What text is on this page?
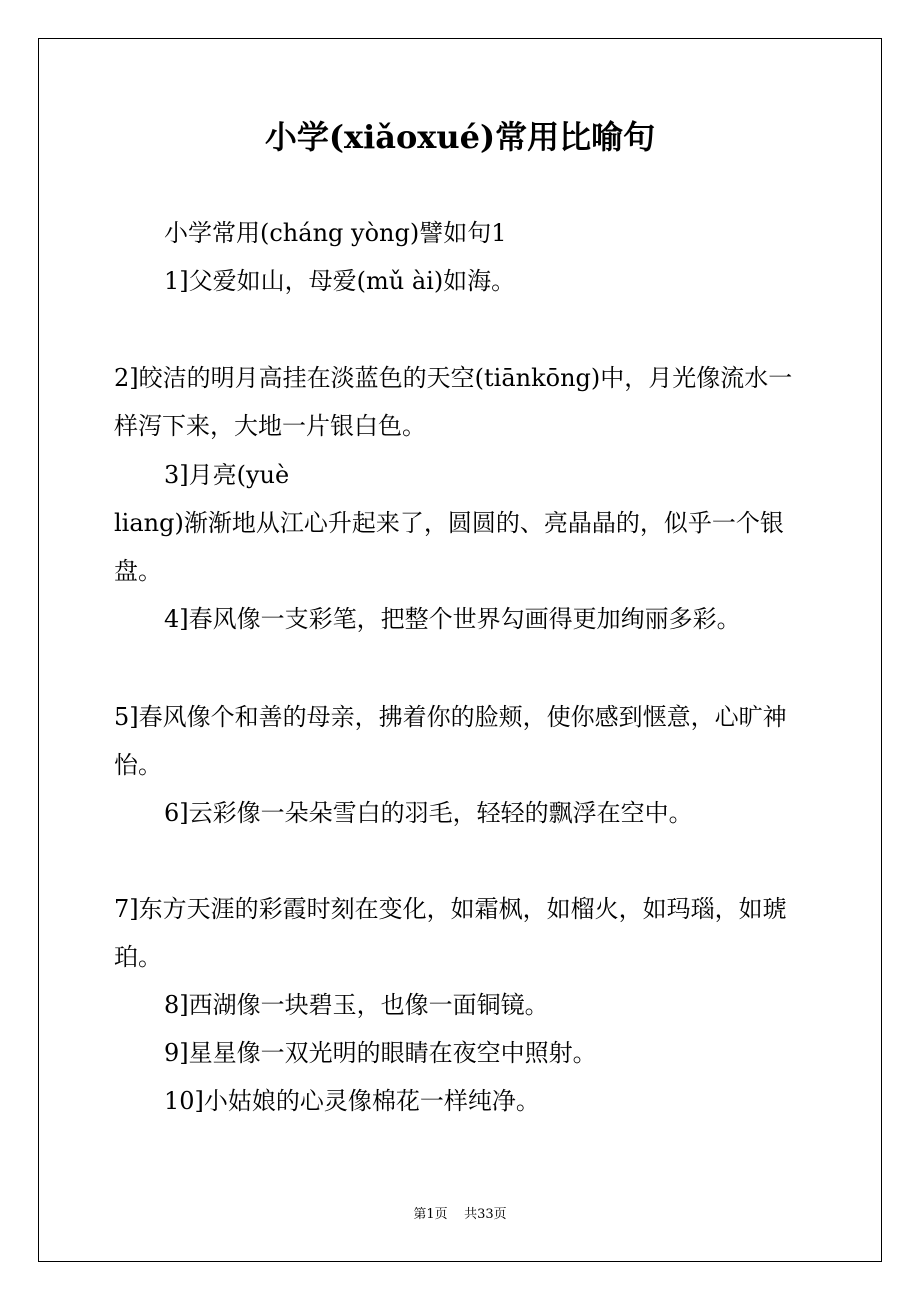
小学(xiǎoxué)常用比喻句
小学常用(cháng yòng)譬如句1
1]父爱如山，母爱(mǔ ài)如海。
2]皎洁的明月高挂在淡蓝色的天空(tiānkōng)中，月光像流水一
样泻下来，大地一片银白色。
3]月亮(yuè
liang)渐渐地从江心升起来了，圆圆的、亮晶晶的，似乎一个银
盘。
4]春风像一支彩笔，把整个世界勾画得更加绚丽多彩。
5]春风像个和善的母亲，拂着你的脸颊，使你感到惬意，心旷神
怡。
6]云彩像一朵朵雪白的羽毛，轻轻的飘浮在空中。
7]东方天涯的彩霞时刻在变化，如霜枫，如榴火，如玛瑙，如琥
珀。
8]西湖像一块碧玉，也像一面铜镜。
9]星星像一双光明的眼睛在夜空中照射。
10]小姑娘的心灵像棉花一样纯净。
第1页    共33页
